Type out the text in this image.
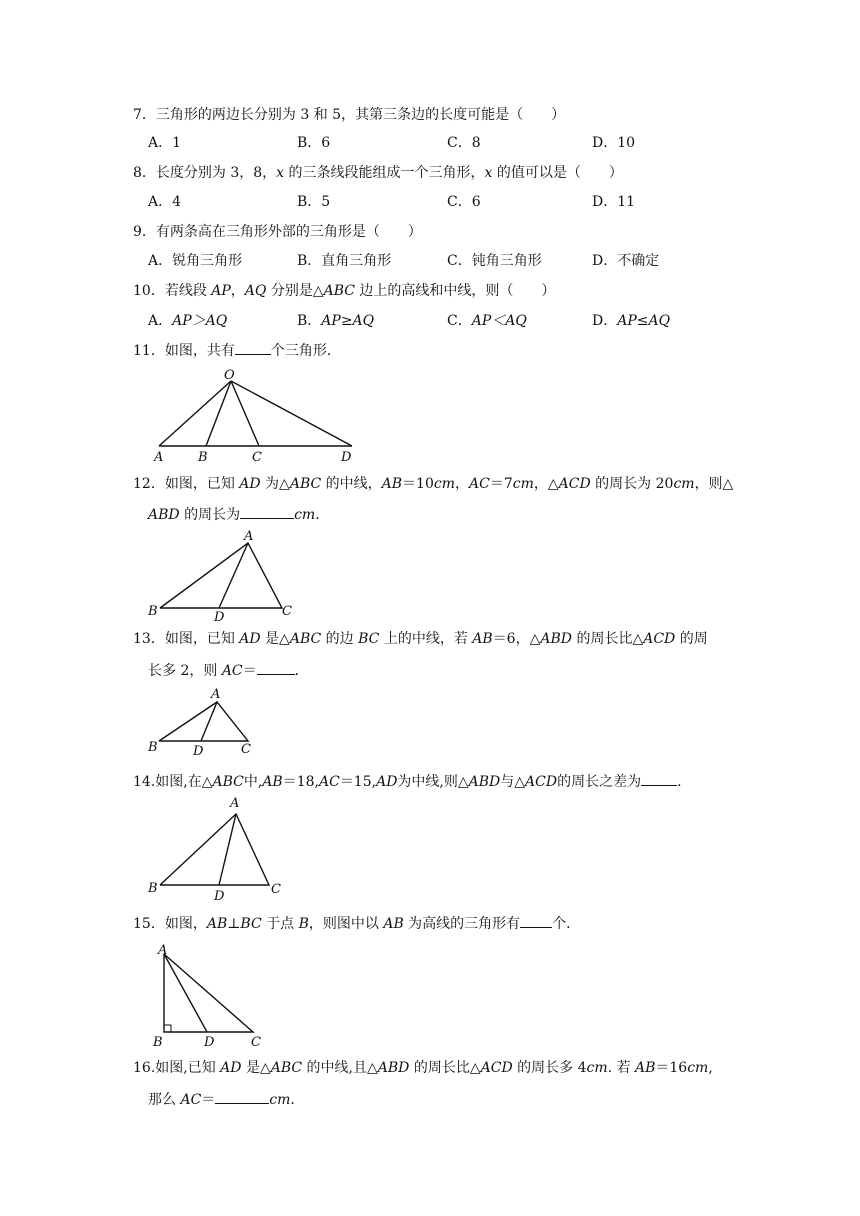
7．三角形的两边长分别为 3 和 5，其第三条边的长度可能是（　　）
A．1	B．6	C．8	D．10
8．长度分别为 3，8，x 的三条线段能组成一个三角形，x 的值可以是（　　）
A．4	B．5	C．6	D．11
9．有两条高在三角形外部的三角形是（　　）
A．锐角三角形	B．直角三角形	C．钝角三角形	D．不确定
10．若线段 AP，AQ 分别是△ABC 边上的高线和中线，则（　　）
A．AP＞AQ	B．AP≥AQ	C．AP＜AQ	D．AP≤AQ
11．如图，共有	个三角形．
O
A	B	C	D
12．如图，已知 AD 为△ABC 的中线，AB＝10cm，AC＝7cm，△ACD 的周长为 20cm，则△
ABD 的周长为	cm．
A
B	C
D
13．如图，已知 AD 是△ABC 的边 BC 上的中线，若 AB＝6，△ABD 的周长比△ACD 的周
长多 2，则 AC＝	．
A
B	C
D
14.如图,在△ABC中,AB＝18,AC＝15,AD为中线,则△ABD与△ACD的周长之差为	.
A
B	C
D
15．如图，AB⊥BC 于点 B，则图中以 AB 为高线的三角形有 个．
A
B	C
D
16.如图,已知 AD 是△ABC 的中线,且△ABD 的周长比△ACD 的周长多 4cm. 若 AB＝16cm,
那么 AC＝	cm.
